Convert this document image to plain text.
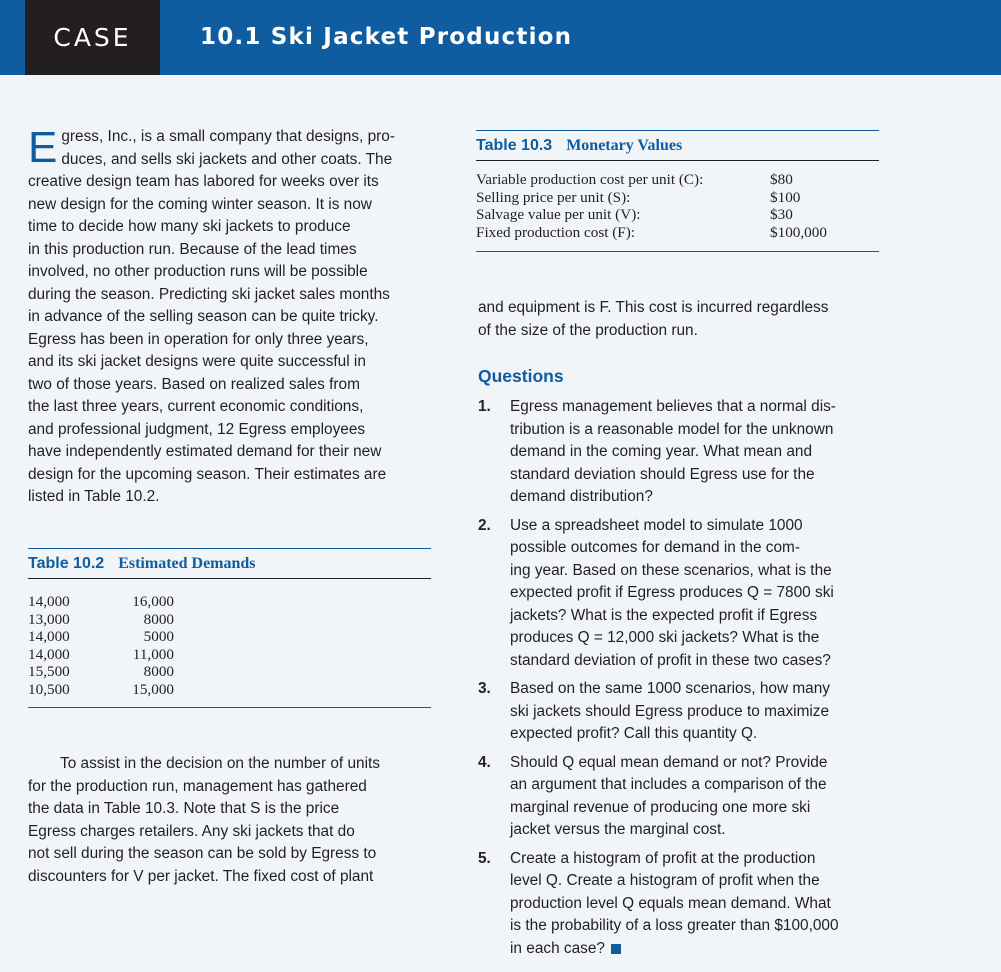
CASE	10.1 Ski Jacket Production
E gress, Inc., is a small company that designs, pro-
duces, and sells ski jackets and other coats. The
creative design team has labored for weeks over its
new design for the coming winter season. It is now
time to decide how many ski jackets to produce
in this production run. Because of the lead times
involved, no other production runs will be possible
during the season. Predicting ski jacket sales months
in advance of the selling season can be quite tricky.
Egress has been in operation for only three years,
and its ski jacket designs were quite successful in
two of those years. Based on realized sales from
the last three years, current economic conditions,
and professional judgment, 12 Egress employees
have independently estimated demand for their new
design for the upcoming season. Their estimates are
listed in Table 10.2.
Table 10.2 Estimated Demands
14,000
13,000
14,000
14,000
15,500
10,500
16,000
8000
5000
11,000
8000
15,000
To assist in the decision on the number of units
for the production run, management has gathered
the data in Table 10.3. Note that S is the price
Egress charges retailers. Any ski jackets that do
not sell during the season can be sold by Egress to
discounters for V per jacket. The fixed cost of plant
Table 10.3 Monetary Values
Variable production cost per unit (C):
Selling price per unit (S):
Salvage value per unit (V):
Fixed production cost (F):
$80
$100
$30
$100,000
and equipment is F. This cost is incurred regardless
of the size of the production run.
Questions
1. Egress management believes that a normal dis-
tribution is a reasonable model for the unknown
demand in the coming year. What mean and
standard deviation should Egress use for the
demand distribution?
2. Use a spreadsheet model to simulate 1000
possible outcomes for demand in the com-
ing year. Based on these scenarios, what is the
expected profit if Egress produces Q = 7800 ski
jackets? What is the expected profit if Egress
produces Q = 12,000 ski jackets? What is the
standard deviation of profit in these two cases?
3. Based on the same 1000 scenarios, how many
ski jackets should Egress produce to maximize
expected profit? Call this quantity Q.
4. Should Q equal mean demand or not? Provide
an argument that includes a comparison of the
marginal revenue of producing one more ski
jacket versus the marginal cost.
5. Create a histogram of profit at the production
level Q. Create a histogram of profit when the
production level Q equals mean demand. What
is the probability of a loss greater than $100,000
in each case?
